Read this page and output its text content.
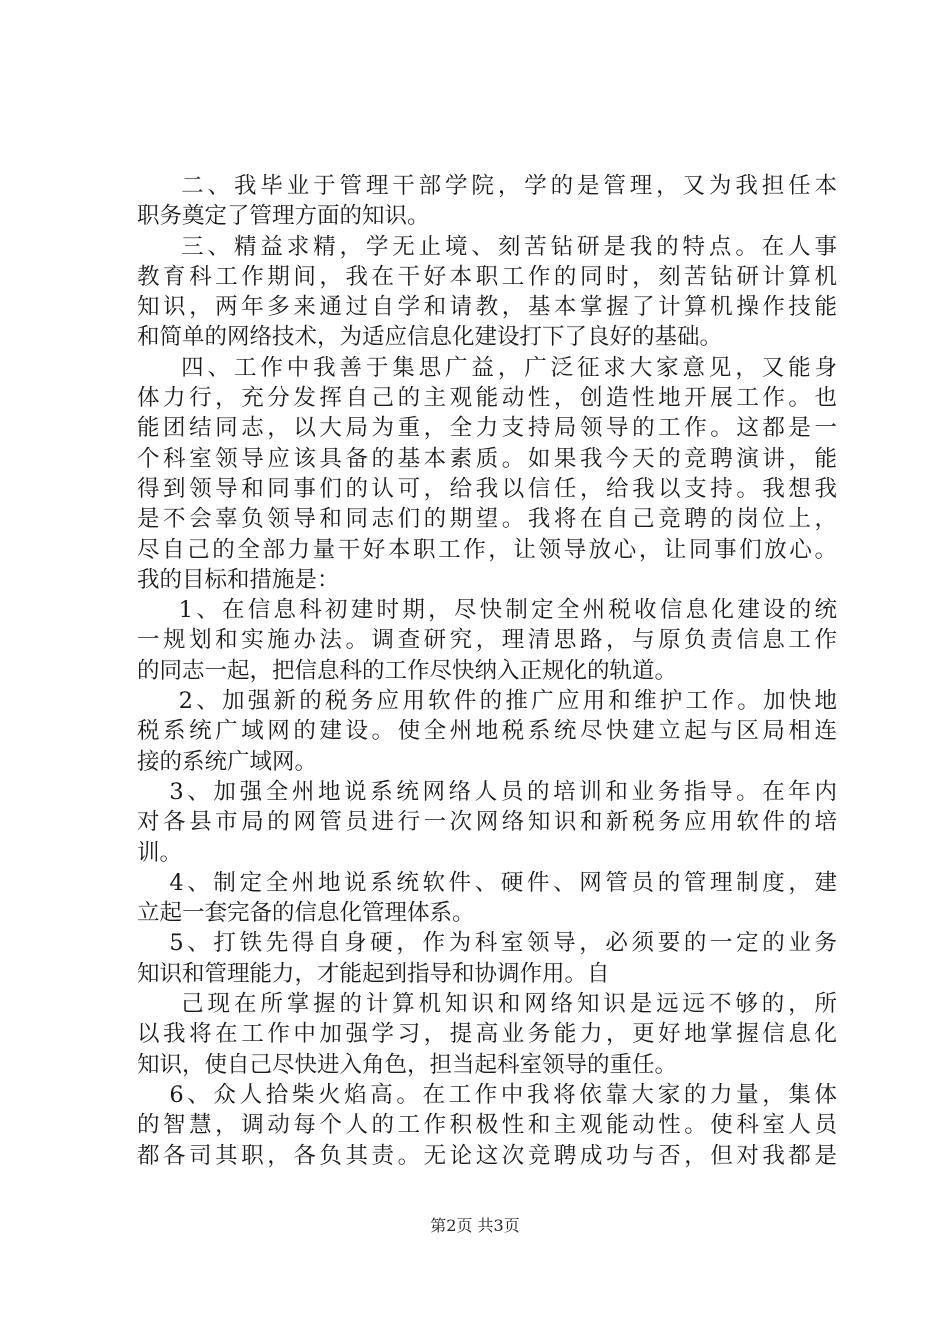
二、我毕业于管理干部学院，学的是管理，又为我担任本
职务奠定了管理方面的知识。
三、精益求精，学无止境、刻苦钻研是我的特点。在人事
教育科工作期间，我在干好本职工作的同时，刻苦钻研计算机
知识，两年多来通过自学和请教，基本掌握了计算机操作技能
和简单的网络技术，为适应信息化建设打下了良好的基础。
四、工作中我善于集思广益，广泛征求大家意见，又能身
体力行，充分发挥自己的主观能动性，创造性地开展工作。也
能团结同志，以大局为重，全力支持局领导的工作。这都是一
个科室领导应该具备的基本素质。如果我今天的竞聘演讲，能
得到领导和同事们的认可，给我以信任，给我以支持。我想我
是不会辜负领导和同志们的期望。我将在自己竞聘的岗位上，
尽自己的全部力量干好本职工作，让领导放心，让同事们放心。
我的目标和措施是：
1、在信息科初建时期，尽快制定全州税收信息化建设的统
一规划和实施办法。调查研究，理清思路，与原负责信息工作
的同志一起，把信息科的工作尽快纳入正规化的轨道。
2、加强新的税务应用软件的推广应用和维护工作。加快地
税系统广域网的建设。使全州地税系统尽快建立起与区局相连
接的系统广域网。
3、加强全州地说系统网络人员的培训和业务指导。在年内
对各县市局的网管员进行一次网络知识和新税务应用软件的培
训。
4、制定全州地说系统软件、硬件、网管员的管理制度，建
立起一套完备的信息化管理体系。
5、打铁先得自身硬，作为科室领导，必须要的一定的业务
知识和管理能力，才能起到指导和协调作用。自
己现在所掌握的计算机知识和网络知识是远远不够的，所
以我将在工作中加强学习，提高业务能力，更好地掌握信息化
知识，使自己尽快进入角色，担当起科室领导的重任。
6、众人拾柴火焰高。在工作中我将依靠大家的力量，集体
的智慧，调动每个人的工作积极性和主观能动性。使科室人员
都各司其职，各负其责。无论这次竞聘成功与否，但对我都是
第2页 共3页
